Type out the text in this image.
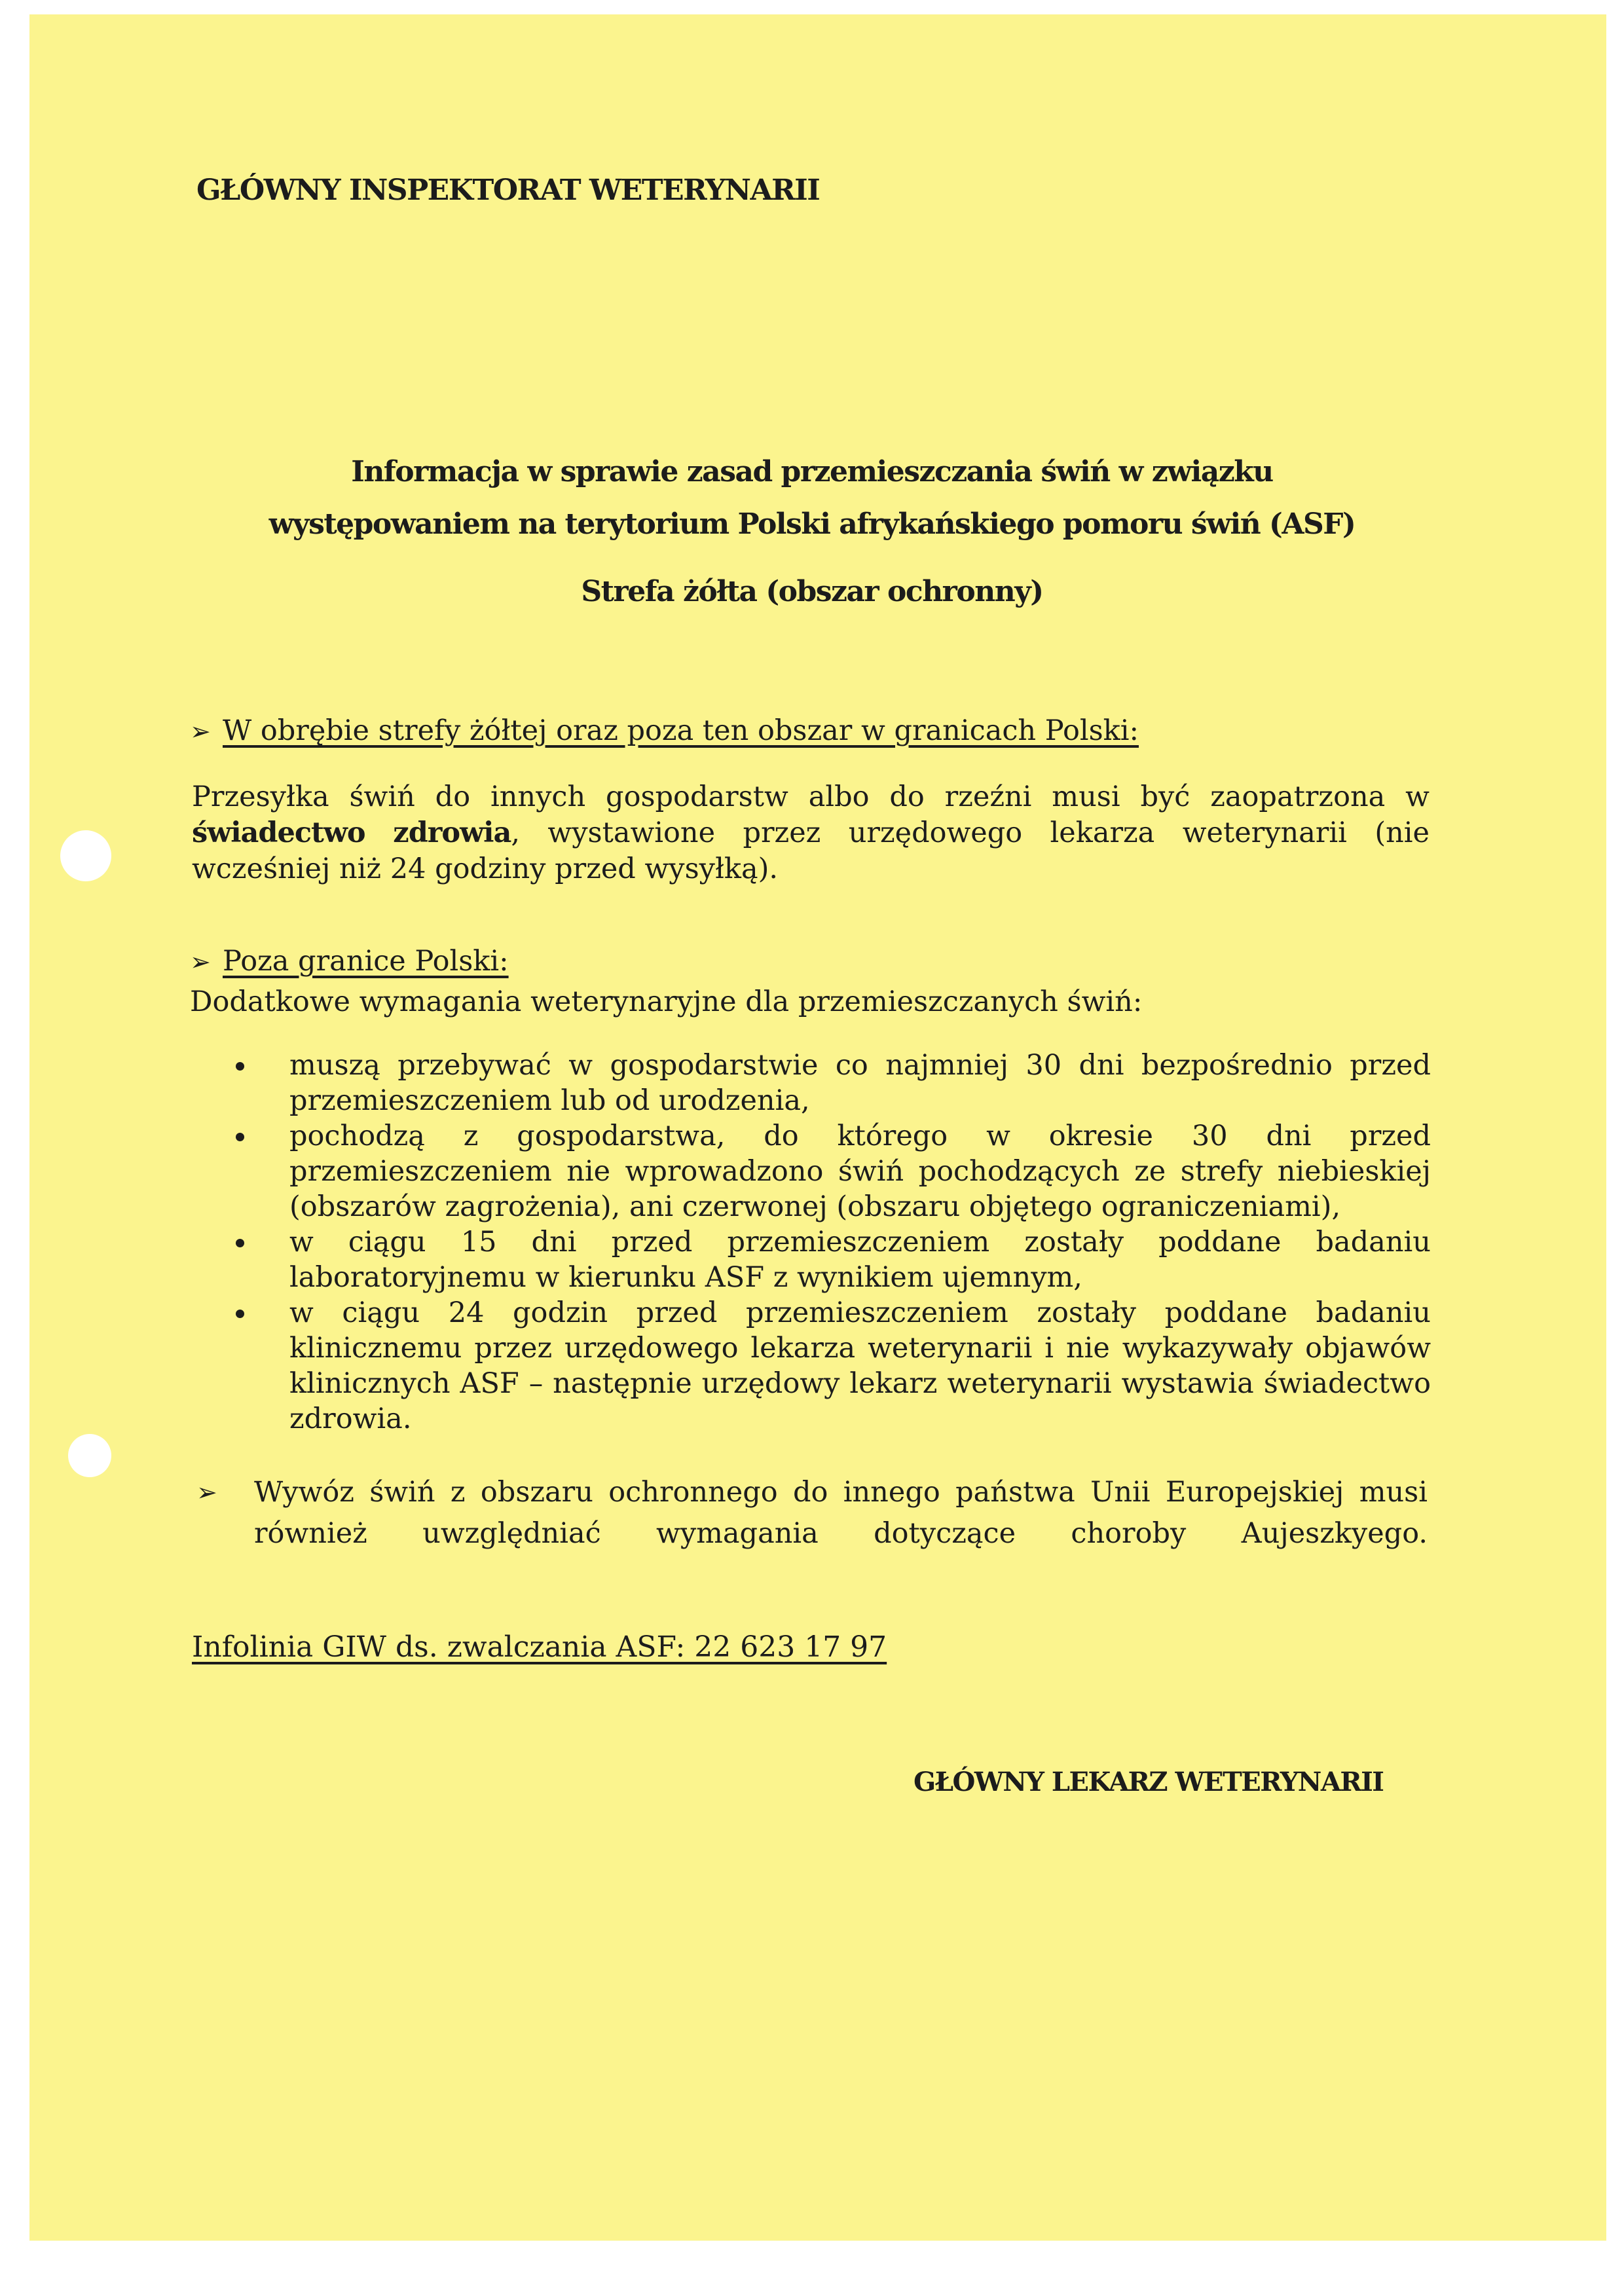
GŁÓWNY INSPEKTORAT WETERYNARII

Informacja w sprawie zasad przemieszczania świń w związku

występowaniem na terytorium Polski afrykańskiego pomoru świń (ASF)

Strefa żółta (obszar ochronny)

➢ W obrębie strefy żółtej oraz poza ten obszar w granicach Polski:

Przesyłka świń do innych gospodarstw albo do rzeźni musi być zaopatrzona w świadectwo zdrowia, wystawione przez urzędowego lekarza weterynarii (nie wcześniej niż 24 godziny przed wysyłką).

➢ Poza granice Polski:

Dodatkowe wymagania weterynaryjne dla przemieszczanych świń:

muszą przebywać w gospodarstwie co najmniej 30 dni bezpośrednio przed przemieszczeniem lub od urodzenia,
pochodzą z gospodarstwa, do którego w okresie 30 dni przed przemieszczeniem nie wprowadzono świń pochodzących ze strefy niebieskiej (obszarów zagrożenia), ani czerwonej (obszaru objętego ograniczeniami),
w ciągu 15 dni przed przemieszczeniem zostały poddane badaniu laboratoryjnemu w kierunku ASF z wynikiem ujemnym,
w ciągu 24 godzin przed przemieszczeniem zostały poddane badaniu klinicznemu przez urzędowego lekarza weterynarii i nie wykazywały objawów klinicznych ASF – następnie urzędowy lekarz weterynarii wystawia świadectwo zdrowia.
➢ Wywóz świń z obszaru ochronnego do innego państwa Unii Europejskiej musi również uwzględniać wymagania dotyczące choroby Aujeszkyego.

Infolinia GIW ds. zwalczania ASF: 22 623 17 97

GŁÓWNY LEKARZ WETERYNARII
